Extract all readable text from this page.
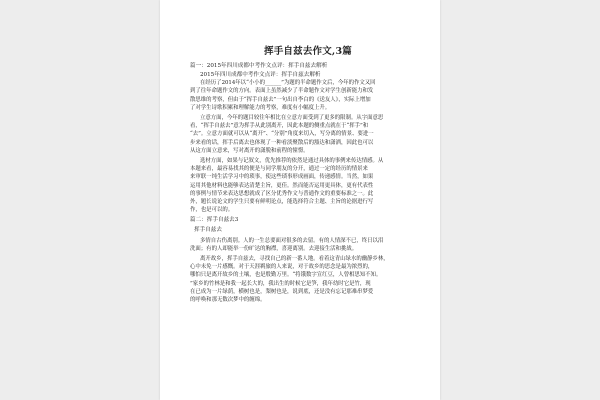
挥手自兹去作文,3篇

篇一：2015年四川成都中考作文点评：挥手自兹去解析

2015年四川成都中考作文点评：挥手自兹去解析

在经历了2014年以“小小的______”为题的半命题作文后，今年的作文又回
到了往年命题作文的方向。表面上虽然减少了半命题作文对学生创新能力和发
散思维的考察，但由于“挥手自兹去”一句出自李白的《送友人》，实际上增加
了对学生诗歌积累和理解能力的考察，难度有小幅度上升。
立意方面，今年的题目较往年相比在立意方面受到了更多的限制。从字面意思
看，“挥手自兹去”意为挥手从此别离开，因此本题的侧重点就在于“挥手”和
“去”。立意方面就可以从“离开”、“分别”角度来切入，写分离的情景、要进一
步来看的话，挥手后离去也体现了一种看淡聚散后的豁达和潇洒，因此也可以
从这方面立意来，写对离开的潇脱和前程的憧憬。
选材方面，如果与记叙文，优先推荐的依然是通过具体的事例来传达情感。从
本题来看，最容易找其的便是与同学朋友的分开，通过一定的经历的情景来
来审联一纯生活学习中的琐事，使这些琐事形成画面，传递感情。当然，如果
运用其他材料也能够表达清楚主旨，更佳。然而能否运用更具体，更有代表性
的事例与情节来表达思想就成了区分优秀作文与普通作文的重要标准之一。此
外，題长说论文的学生只要有鲜明论点，能选择符合主题、主旨的论据进行写
作，也是可以的。

篇二：挥手自兹去3

挥手自兹去

多情自古伤离别。人的一生总要面对很多的去留。有的人情深不已，终日以泪
洗面；有的人却能举一份旷达的胸襟，喜迎离别。去迎接生活和挑战。
离开故乡，挥手自兹去，寻找自己的新一番人地。看着这青山绿水的幽静乡林，
心中未免一片感慨。对于天涯羁旅的人来说，对于故乡的思念是最为浓烈的，
哪怕只是离开故乡的土壤，也是殷勤万里。“将饿数字宣红豆，人曾相思知不知。
”家乡的竹林是和我一起长大的，我出生的时候它是笋，我年幼时它是竹，现
在已成为一片绿荫，横树也是，梨树也是，说到底，还是没有忘记那难串梦爱
的呼唤和那无数次梦中的缠绵。
